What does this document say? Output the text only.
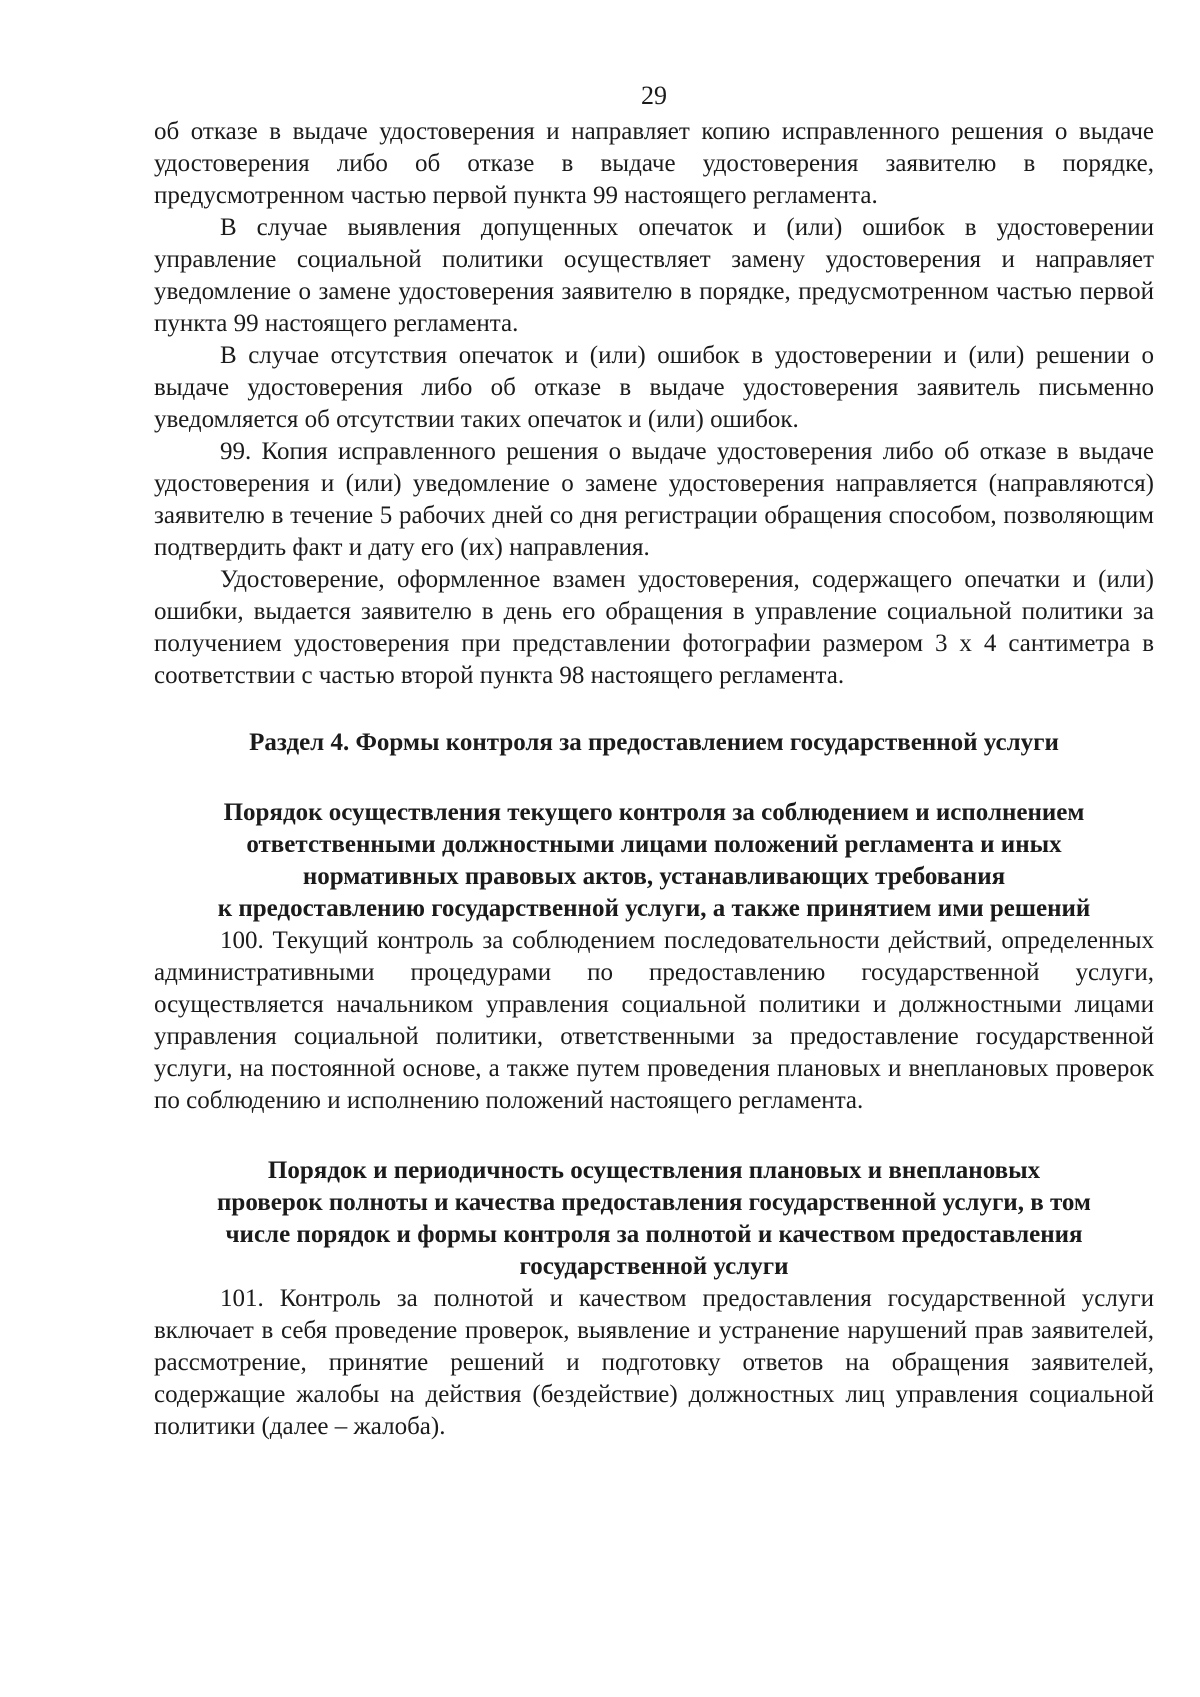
29

об отказе в выдаче удостоверения и направляет копию исправленного решения о выдаче удостоверения либо об отказе в выдаче удостоверения заявителю в порядке, предусмотренном частью первой пункта 99 настоящего регламента.

В случае выявления допущенных опечаток и (или) ошибок в удостоверении управление социальной политики осуществляет замену удостоверения и направляет уведомление о замене удостоверения заявителю в порядке, предусмотренном частью первой пункта 99 настоящего регламента.

В случае отсутствия опечаток и (или) ошибок в удостоверении и (или) решении о выдаче удостоверения либо об отказе в выдаче удостоверения заявитель письменно уведомляется об отсутствии таких опечаток и (или) ошибок.

99. Копия исправленного решения о выдаче удостоверения либо об отказе в выдаче удостоверения и (или) уведомление о замене удостоверения направляется (направляются) заявителю в течение 5 рабочих дней со дня регистрации обращения способом, позволяющим подтвердить факт и дату его (их) направления.

Удостоверение, оформленное взамен удостоверения, содержащего опечатки и (или) ошибки, выдается заявителю в день его обращения в управление социальной политики за получением удостоверения при представлении фотографии размером 3 х 4 сантиметра в соответствии с частью второй пункта 98 настоящего регламента.

Раздел 4. Формы контроля за предоставлением государственной услуги
Порядок осуществления текущего контроля за соблюдением и исполнением
ответственными должностными лицами положений регламента и иных
нормативных правовых актов, устанавливающих требования
к предоставлению государственной услуги, а также принятием ими решений

100. Текущий контроль за соблюдением последовательности действий, определенных административными процедурами по предоставлению государственной услуги, осуществляется начальником управления социальной политики и должностными лицами управления социальной политики, ответственными за предоставление государственной услуги, на постоянной основе, а также путем проведения плановых и внеплановых проверок по соблюдению и исполнению положений настоящего регламента.

Порядок и периодичность осуществления плановых и внеплановых
проверок полноты и качества предоставления государственной услуги, в том
числе порядок и формы контроля за полнотой и качеством предоставления
государственной услуги

101. Контроль за полнотой и качеством предоставления государственной услуги включает в себя проведение проверок, выявление и устранение нарушений прав заявителей, рассмотрение, принятие решений и подготовку ответов на обращения заявителей, содержащие жалобы на действия (бездействие) должностных лиц управления социальной политики (далее – жалоба).
